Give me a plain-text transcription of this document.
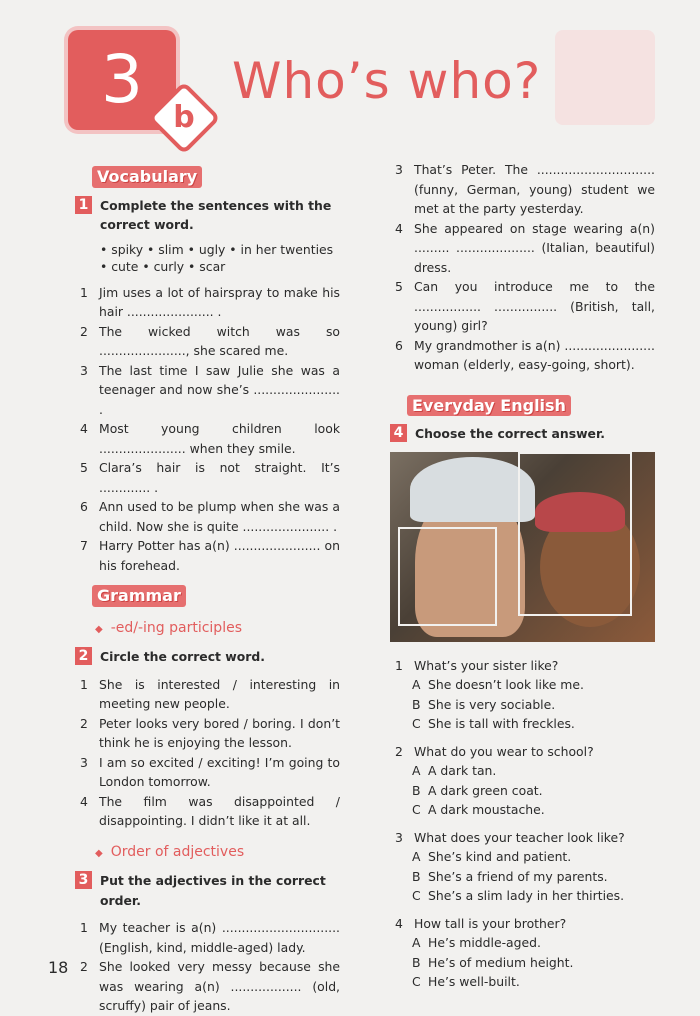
3	b
Who’s who?
Vocabulary
1 Complete the sentences with the correct word.
• spiky • slim • ugly • in her twenties
• cute • curly • scar
1 Jim uses a lot of hairspray to make his hair ...................... .
2 The wicked witch was so ......................, she scared me.
3 The last time I saw Julie she was a teenager and now she’s ...................... .
4 Most young children look ...................... when they smile.
5 Clara’s hair is not straight. It’s ............. .
6 Ann used to be plump when she was a child. Now she is quite ...................... .
7 Harry Potter has a(n) ...................... on his forehead.
Grammar
◆ -ed/-ing participles
2 Circle the correct word.
1 She is interested / interesting in meeting new people.
2 Peter looks very bored / boring. I don’t think he is enjoying the lesson.
3 I am so excited / exciting! I’m going to London tomorrow.
4 The film was disappointed / disappointing. I didn’t like it at all.
◆ Order of adjectives
3 Put the adjectives in the correct order.
1 My teacher is a(n) .............................. (English, kind, middle-aged) lady.
2 She looked very messy because she was wearing a(n) .................. (old, scruffy) pair of jeans.
3 That’s Peter. The .............................. (funny, German, young) student we met at the party yesterday.
4 She appeared on stage wearing a(n) ......... .................... (Italian, beautiful) dress.
5 Can you introduce me to the ................. ................ (British, tall, young) girl?
6 My grandmother is a(n) ....................... woman (elderly, easy-going, short).
Everyday English
4 Choose the correct answer.
1 What’s your sister like?
A She doesn’t look like me.
B She is very sociable.
C She is tall with freckles.
2 What do you wear to school?
A A dark tan.
B A dark green coat.
C A dark moustache.
3 What does your teacher look like?
A She’s kind and patient.
B She’s a friend of my parents.
C She’s a slim lady in her thirties.
4 How tall is your brother?
A He’s middle-aged.
B He’s of medium height.
C He’s well-built.
18
